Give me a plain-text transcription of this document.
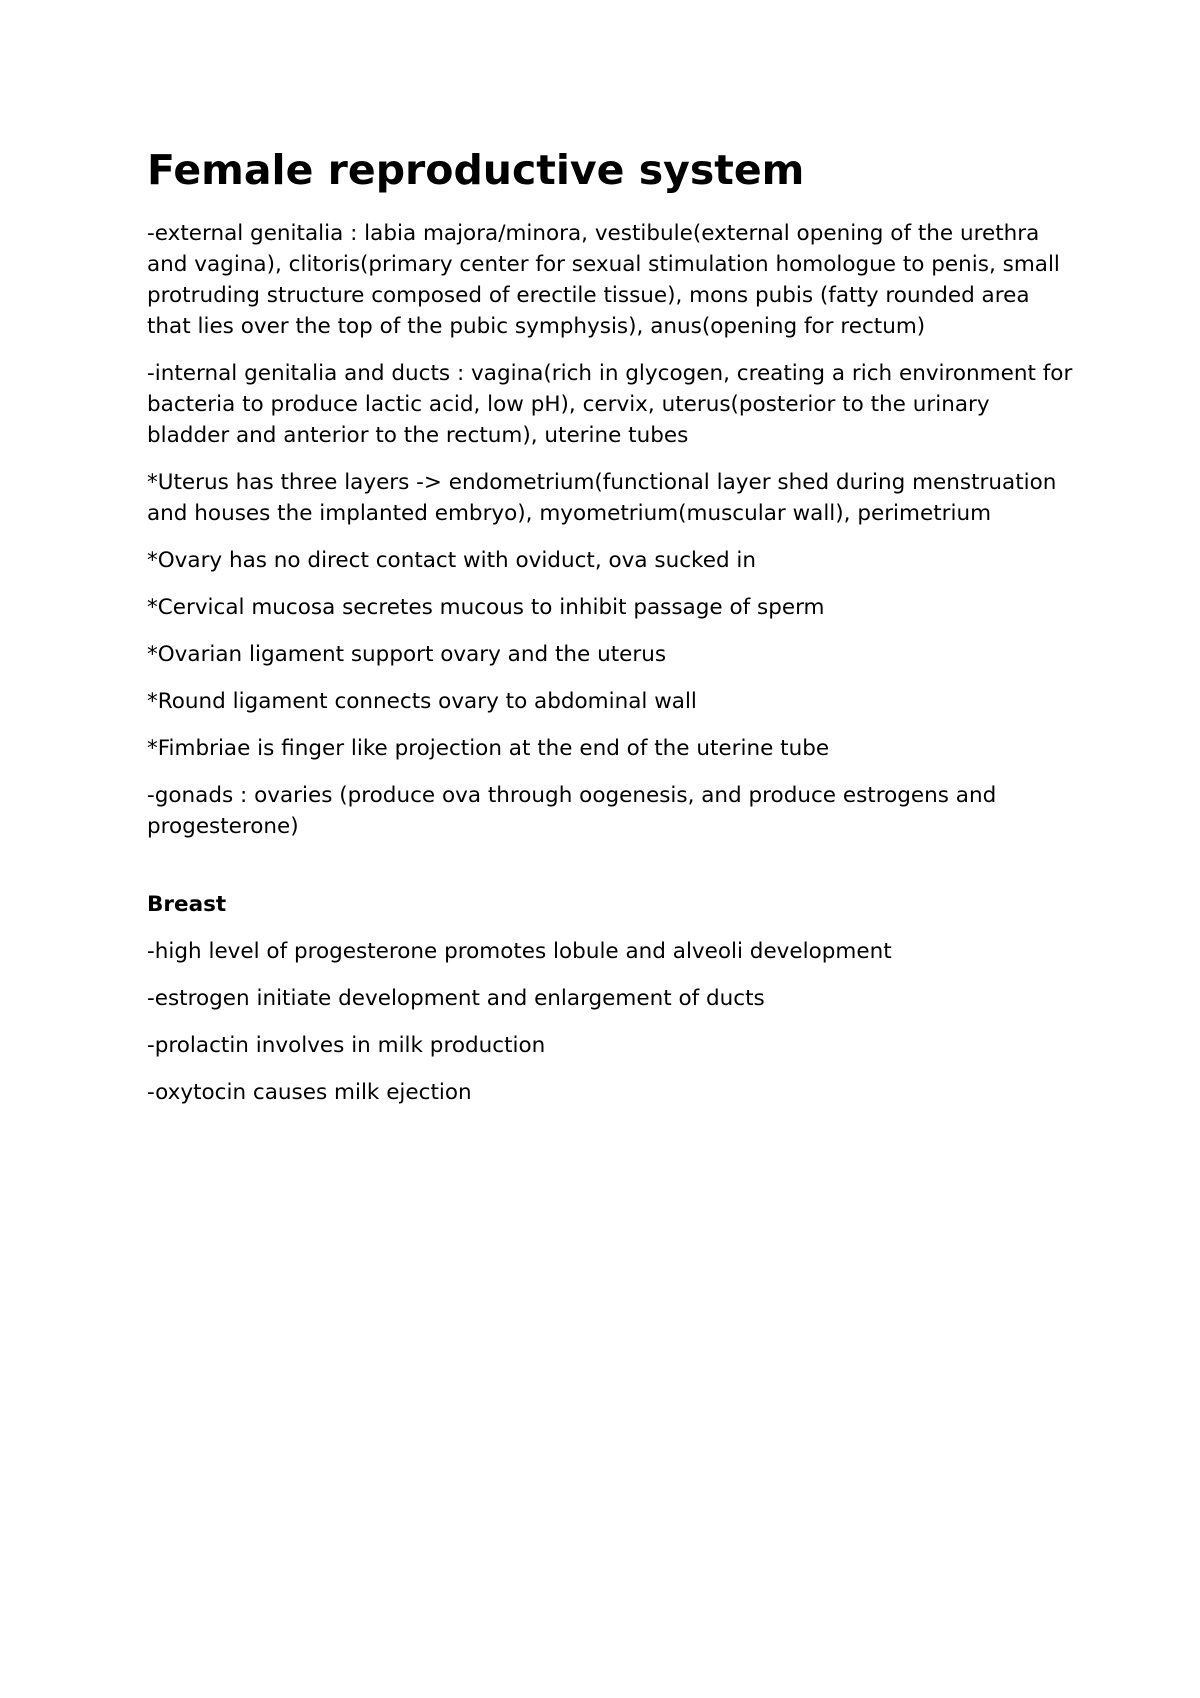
Female reproductive system

-external genitalia : labia majora/minora, vestibule(external opening of the urethra and vagina), clitoris(primary center for sexual stimulation homologue to penis, small protruding structure composed of erectile tissue), mons pubis (fatty rounded area that lies over the top of the pubic symphysis), anus(opening for rectum)

-internal genitalia and ducts : vagina(rich in glycogen, creating a rich environment for bacteria to produce lactic acid, low pH), cervix, uterus(posterior to the urinary bladder and anterior to the rectum), uterine tubes

*Uterus has three layers -> endometrium(functional layer shed during menstruation and houses the implanted embryo), myometrium(muscular wall), perimetrium

*Ovary has no direct contact with oviduct, ova sucked in

*Cervical mucosa secretes mucous to inhibit passage of sperm

*Ovarian ligament support ovary and the uterus

*Round ligament connects ovary to abdominal wall

*Fimbriae is finger like projection at the end of the uterine tube

-gonads : ovaries (produce ova through oogenesis, and produce estrogens and progesterone)

Breast

-high level of progesterone promotes lobule and alveoli development

-estrogen initiate development and enlargement of ducts

-prolactin involves in milk production

-oxytocin causes milk ejection
